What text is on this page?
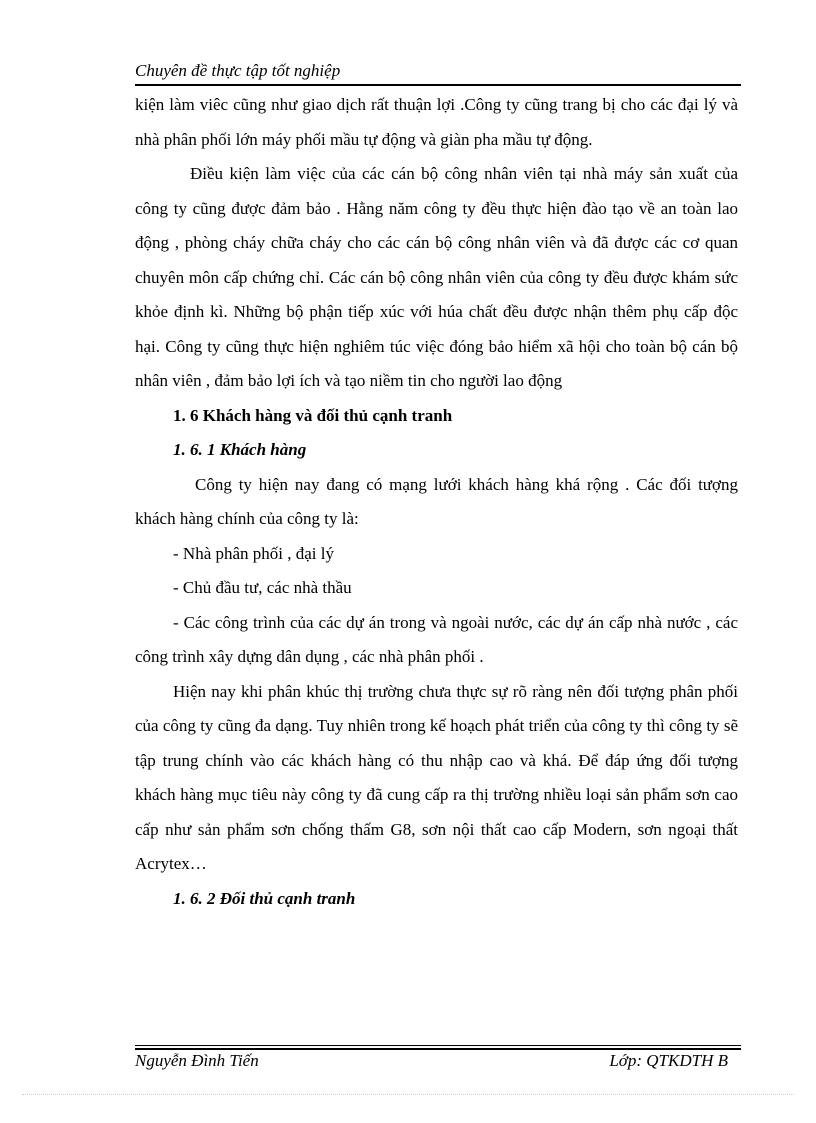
Chuyên đề thực tập tốt nghiệp

kiện làm viêc cũng như giao dịch rất thuận lợi .Công ty cũng trang bị cho các đại lý và nhà phân phối lớn máy phối mầu tự động và giàn pha mầu tự động.

Điều kiện làm việc của các cán bộ công nhân viên tại nhà máy sản xuất của công ty cũng được đảm bảo . Hằng năm công ty đều thực hiện đào tạo về an toàn lao động , phòng cháy chữa cháy cho các cán bộ công nhân viên và đã được các cơ quan chuyên môn cấp chứng chỉ. Các cán bộ công nhân viên của công ty đều được khám sức khỏe định kì. Những bộ phận tiếp xúc với húa chất đều được nhận thêm phụ cấp độc hại. Công ty cũng thực hiện nghiêm túc việc đóng bảo hiểm xã hội cho toàn bộ cán bộ nhân viên , đảm bảo lợi ích và tạo niềm tin cho người lao động

1. 6 Khách hàng và đối thủ cạnh tranh

1. 6. 1 Khách hàng

Công ty hiện nay đang có mạng lưới khách hàng khá rộng . Các đối tượng khách hàng chính của công ty là:

- Nhà phân phối , đại lý

- Chủ đầu tư, các nhà thầu

- Các công trình của các dự án trong và ngoài nước, các dự án cấp nhà nước , các công trình xây dựng dân dụng , các nhà phân phối .

Hiện nay khi phân khúc thị trường chưa thực sự rõ ràng nên đối tượng phân phối của công ty cũng đa dạng. Tuy nhiên trong kế hoạch phát triển của công ty thì công ty sẽ tập trung chính vào các khách hàng có thu nhập cao và khá. Để đáp ứng đối tượng khách hàng mục tiêu này công ty đã cung cấp ra thị trường nhiều loại sản phẩm sơn cao cấp như sản phẩm sơn chống thấm G8, sơn nội thất cao cấp Modern, sơn ngoại thất Acrytex…

1. 6. 2 Đối thủ cạnh tranh

Nguyễn Đình Tiến	Lớp: QTKDTH B
